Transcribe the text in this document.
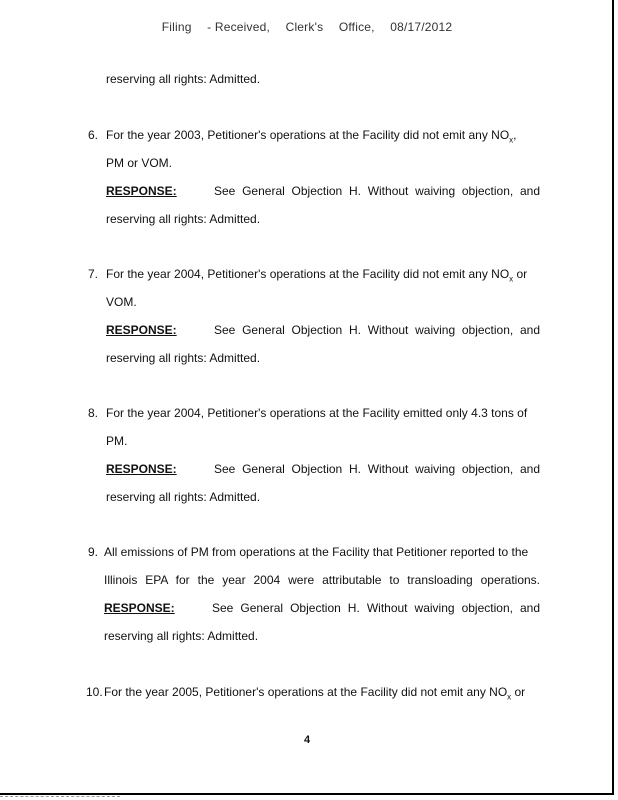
Filing - Received, Clerk's Office, 08/17/2012
reserving all rights: Admitted.
6. For the year 2003, Petitioner's operations at the Facility did not emit any $NO_x$,
PM or VOM.
RESPONSE:	See General Objection H. Without waiving objection, and
reserving all rights: Admitted.
7. For the year 2004, Petitioner's operations at the Facility did not emit any $NO_x$ or
VOM.
RESPONSE:	See General Objection H. Without waiving objection, and
reserving all rights: Admitted.
8. For the year 2004, Petitioner's operations at the Facility emitted only 4.3 tons of
PM.
RESPONSE:	See General Objection H. Without waiving objection, and
reserving all rights: Admitted.
9. All emissions of PM from operations at the Facility that Petitioner reported to the
Illinois EPA for the year 2004 were attributable to transloading operations.
RESPONSE:	See General Objection H. Without waiving objection, and
reserving all rights: Admitted.
10. For the year 2005, Petitioner's operations at the Facility did not emit any $NO_x$ or
4
